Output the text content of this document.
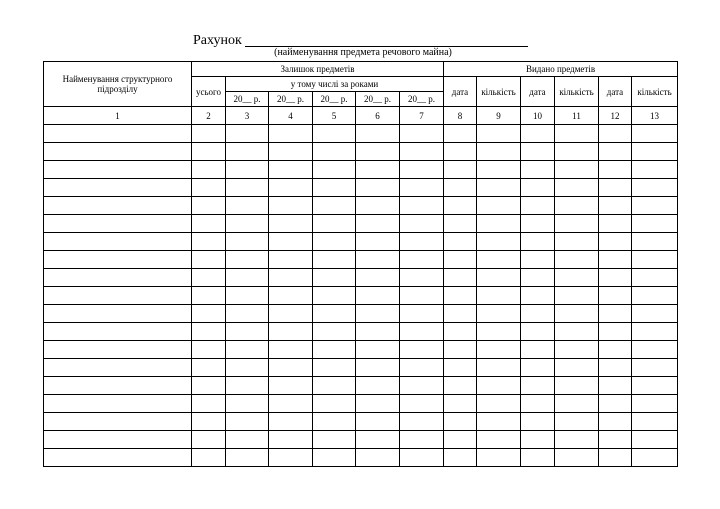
Рахунок
(найменування предмета речового майна)
Найменування структурного підрозділу	Залишок предметів						Видано предметів					
	усього	у тому числі за роками					дата	кількість	дата	кількість	дата	кількість
		20__ р.	20__ р.	20__ р.	20__ р.	20__ р.						
1	2	3	4	5	6	7	8	9	10	11	12	13
